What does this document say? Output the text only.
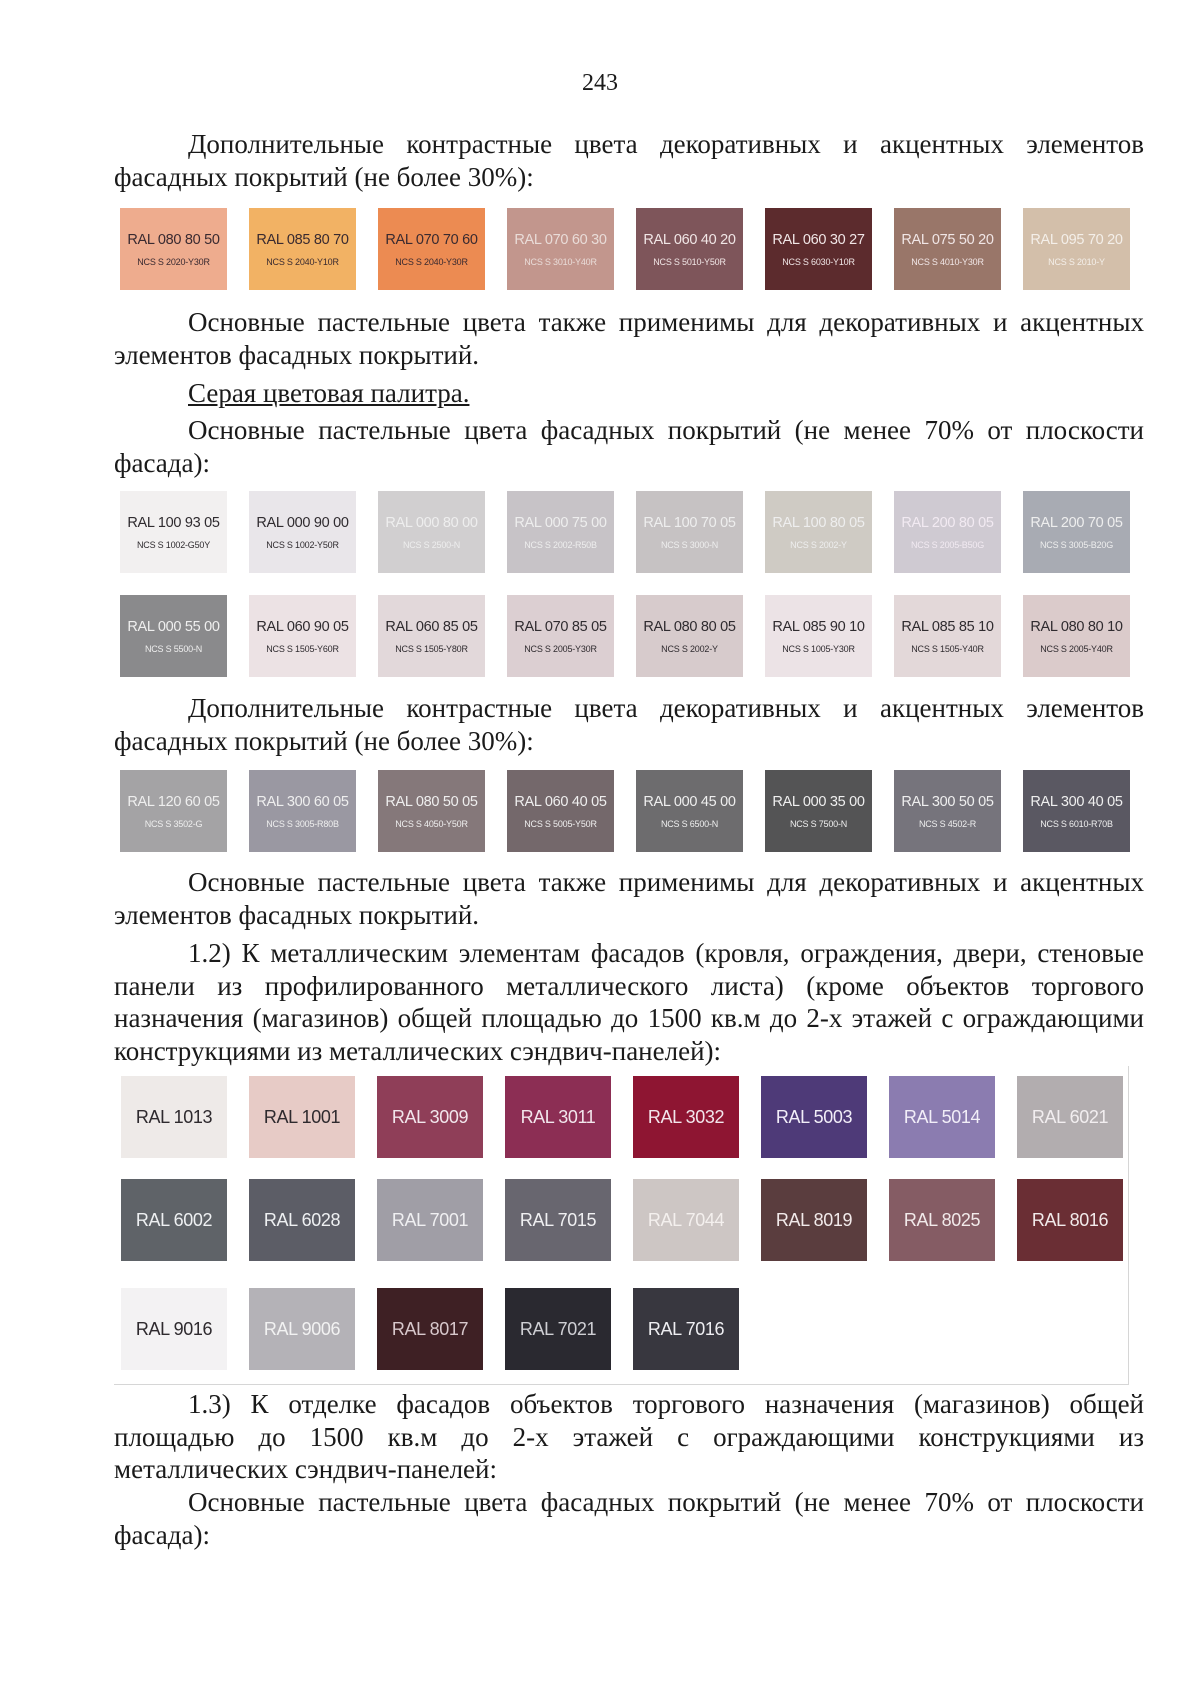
243

Дополнительные контрастные цвета декоративных и акцентных элементов фасадных покрытий (не более 30%):

RAL 080 80 50
NCS S 2020-Y30R
RAL 085 80 70
NCS S 2040-Y10R
RAL 070 70 60
NCS S 2040-Y30R
RAL 070 60 30
NCS S 3010-Y40R
RAL 060 40 20
NCS S 5010-Y50R
RAL 060 30 27
NCS S 6030-Y10R
RAL 075 50 20
NCS S 4010-Y30R
RAL 095 70 20
NCS S 2010-Y

Основные пастельные цвета также применимы для декоративных и акцентных элементов фасадных покрытий.

Серая цветовая палитра.

Основные пастельные цвета фасадных покрытий (не менее 70% от плоскости фасада):

RAL 100 93 05
NCS S 1002-G50Y
RAL 000 90 00
NCS S 1002-Y50R
RAL 000 80 00
NCS S 2500-N
RAL 000 75 00
NCS S 2002-R50B
RAL 100 70 05
NCS S 3000-N
RAL 100 80 05
NCS S 2002-Y
RAL 200 80 05
NCS S 2005-B50G
RAL 200 70 05
NCS S 3005-B20G
RAL 000 55 00
NCS S 5500-N
RAL 060 90 05
NCS S 1505-Y60R
RAL 060 85 05
NCS S 1505-Y80R
RAL 070 85 05
NCS S 2005-Y30R
RAL 080 80 05
NCS S 2002-Y
RAL 085 90 10
NCS S 1005-Y30R
RAL 085 85 10
NCS S 1505-Y40R
RAL 080 80 10
NCS S 2005-Y40R

Дополнительные контрастные цвета декоративных и акцентных элементов фасадных покрытий (не более 30%):

RAL 120 60 05
NCS S 3502-G
RAL 300 60 05
NCS S 3005-R80B
RAL 080 50 05
NCS S 4050-Y50R
RAL 060 40 05
NCS S 5005-Y50R
RAL 000 45 00
NCS S 6500-N
RAL 000 35 00
NCS S 7500-N
RAL 300 50 05
NCS S 4502-R
RAL 300 40 05
NCS S 6010-R70B

Основные пастельные цвета также применимы для декоративных и акцентных элементов фасадных покрытий.

1.2) К металлическим элементам фасадов (кровля, ограждения, двери, стеновые панели из профилированного металлического листа) (кроме объектов торгового назначения (магазинов) общей площадью до 1500 кв.м до 2-х этажей с ограждающими конструкциями из металлических сэндвич-панелей):

RAL 1013	RAL 1001	RAL 3009	RAL 3011	RAL 3032	RAL 5003	RAL 5014	RAL 6021
RAL 6002	RAL 6028	RAL 7001	RAL 7015	RAL 7044	RAL 8019	RAL 8025	RAL 8016
RAL 9016	RAL 9006	RAL 8017	RAL 7021	RAL 7016

1.3) К отделке фасадов объектов торгового назначения (магазинов) общей площадью до 1500 кв.м до 2-х этажей с ограждающими конструкциями из металлических сэндвич-панелей:

Основные пастельные цвета фасадных покрытий (не менее 70% от плоскости фасада):
